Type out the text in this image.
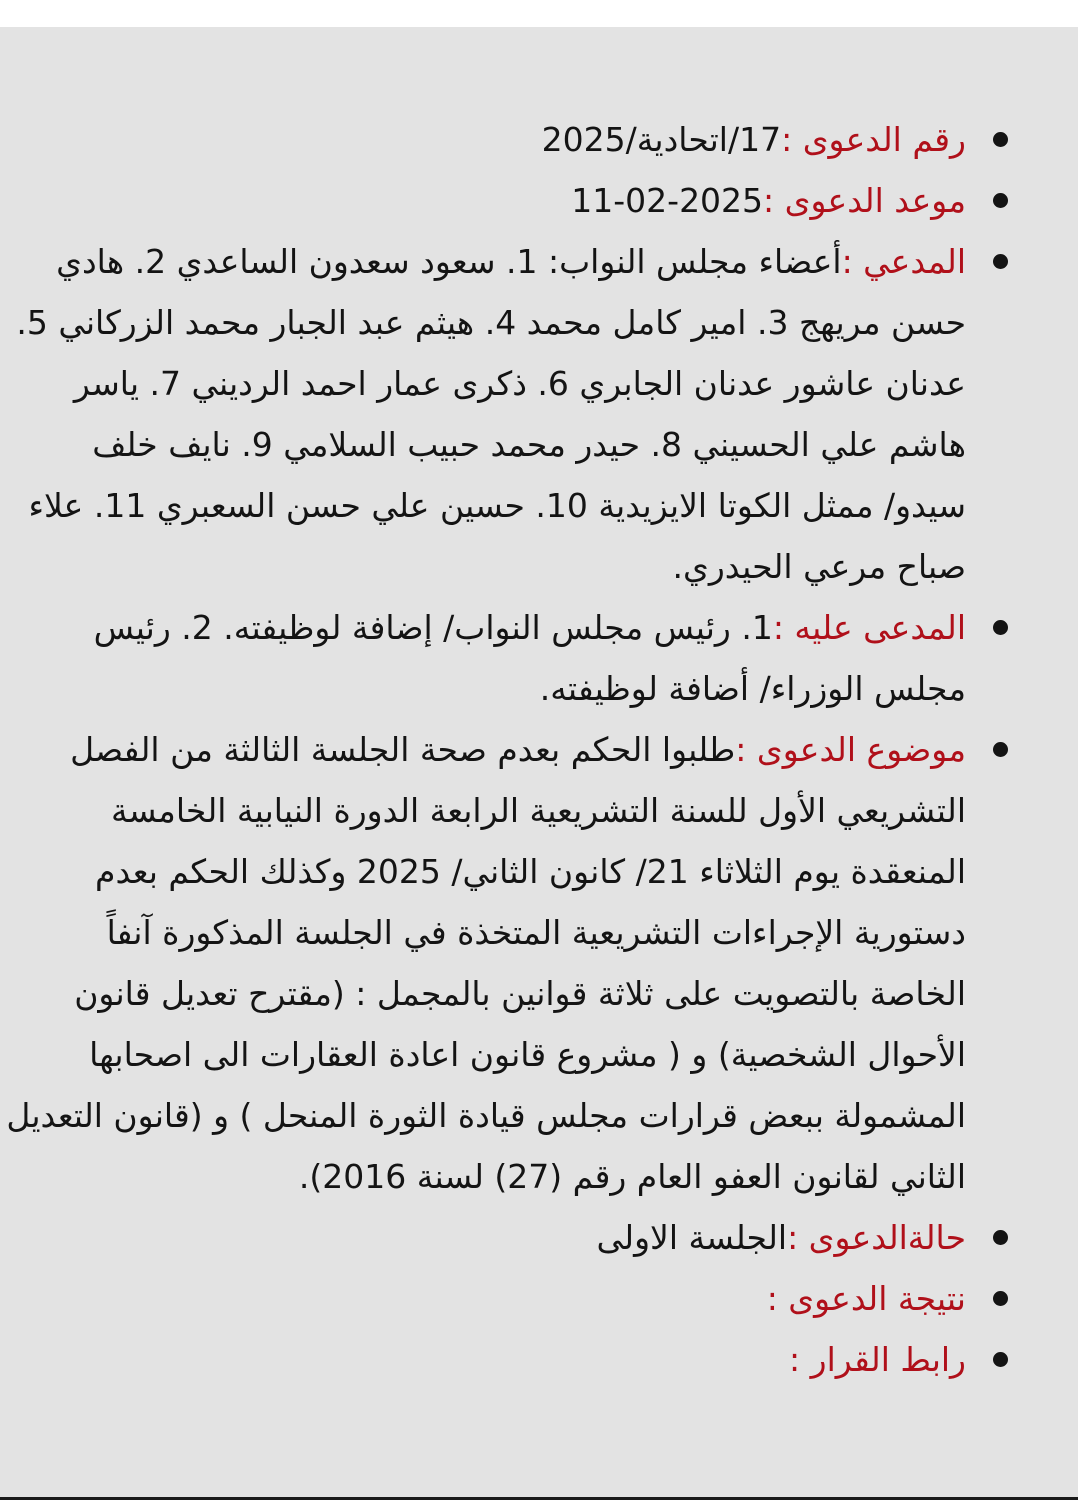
رقم الدعوى :17/اتحادية/2025
موعد الدعوى :2025-02-11
المدعي :أعضاء مجلس النواب: 1. سعود سعدون الساعدي 2. هادي حسن مريهج 3. امير كامل محمد 4. هيثم عبد الجبار محمد الزركاني 5. عدنان عاشور عدنان الجابري 6. ذكرى عمار احمد الرديني 7. ياسر هاشم علي الحسيني 8. حيدر محمد حبيب السلامي 9. نايف خلف سيدو/ ممثل الكوتا الايزيدية 10. حسين علي حسن السعبري 11. علاء صباح مرعي الحيدري.
المدعى عليه :1. رئيس مجلس النواب/ إضافة لوظيفته. 2. رئيس مجلس الوزراء/ أضافة لوظيفته.
موضوع الدعوى :طلبوا الحكم بعدم صحة الجلسة الثالثة من الفصل التشريعي الأول للسنة التشريعية الرابعة الدورة النيابية الخامسة المنعقدة يوم الثلاثاء 21/ كانون الثاني/ 2025 وكذلك الحكم بعدم دستورية الإجراءات التشريعية المتخذة في الجلسة المذكورة آنفاً الخاصة بالتصويت على ثلاثة قوانين بالمجمل : (مقترح تعديل قانون الأحوال الشخصية) و ( مشروع قانون اعادة العقارات الى اصحابها المشمولة ببعض قرارات مجلس قيادة الثورة المنحل ) و (قانون التعديل الثاني لقانون العفو العام رقم (27) لسنة 2016).
حالةالدعوى :الجلسة الاولى
نتيجة الدعوى :
رابط القرار :
